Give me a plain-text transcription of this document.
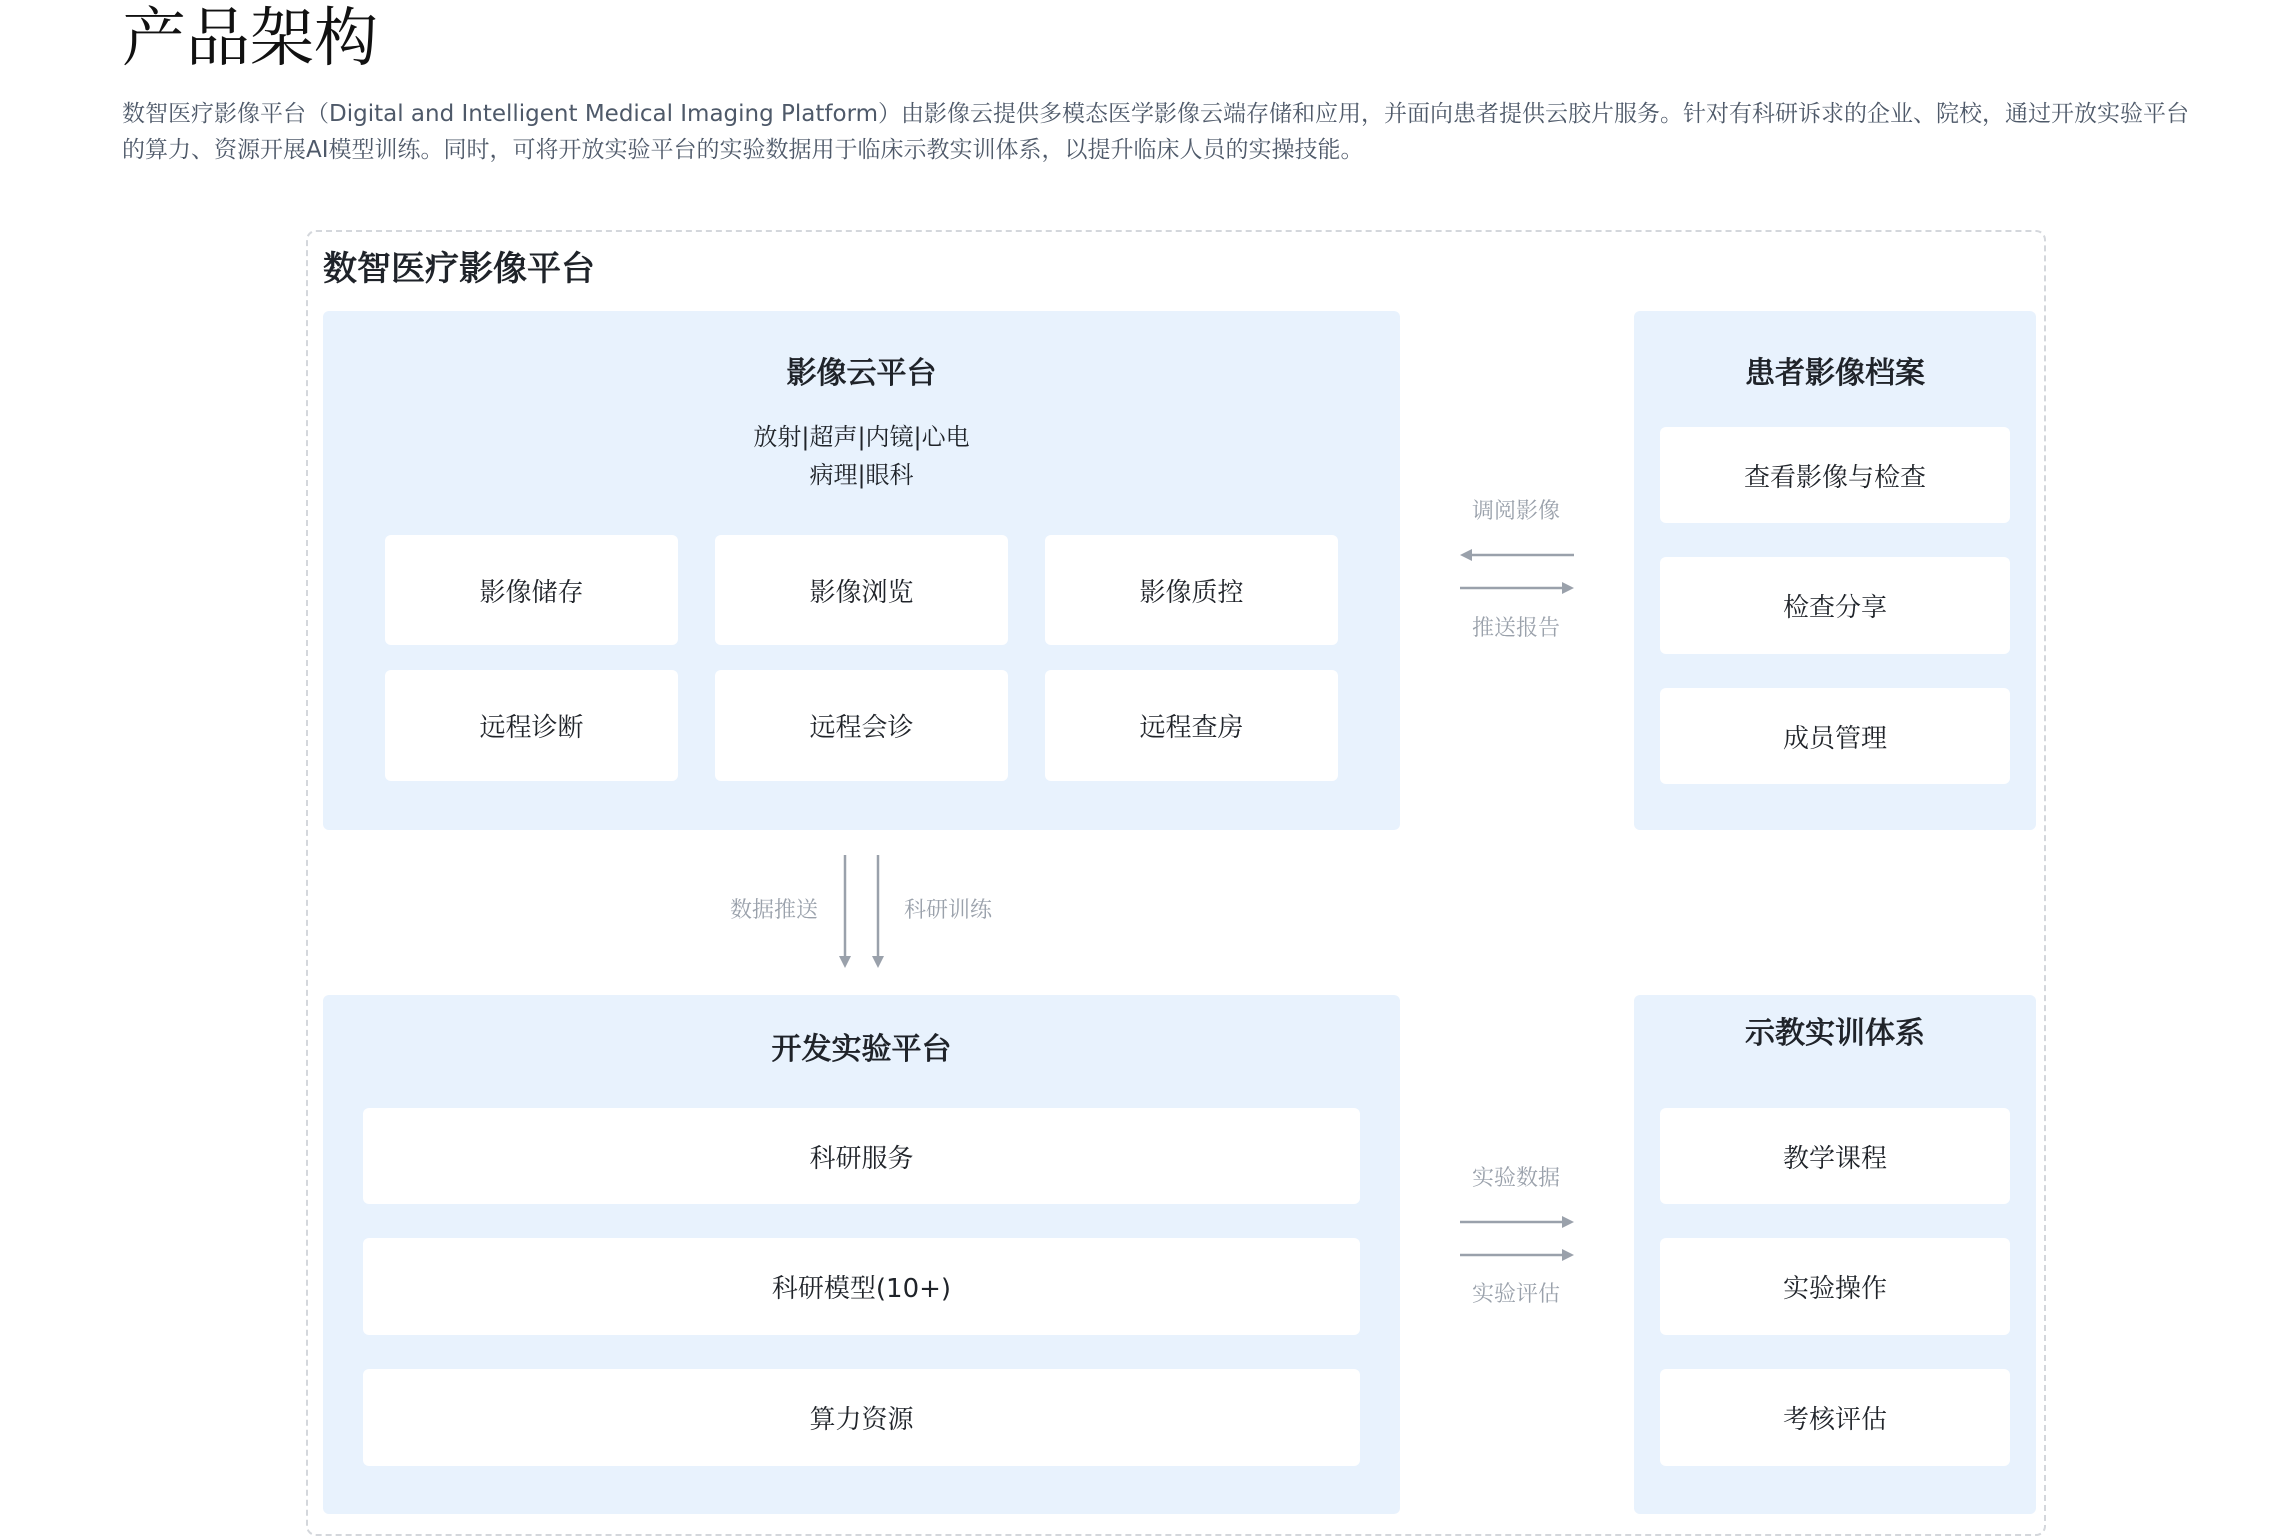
产品架构

数智医疗影像平台（Digital and Intelligent Medical Imaging Platform）由影像云提供多模态医学影像云端存储和应用，并面向患者提供云胶片服务。针对有科研诉求的企业、院校，通过开放实验平台的算力、资源开展AI模型训练。同时，可将开放实验平台的实验数据用于临床示教实训体系，以提升临床人员的实操技能。

数智医疗影像平台
影像云平台
放射|超声|内镜|心电
病理|眼科
影像储存	影像浏览	影像质控
远程诊断	远程会诊	远程查房
患者影像档案
查看影像与检查
检查分享
成员管理
开发实验平台
科研服务
科研模型(10+)
算力资源
示教实训体系
教学课程
实验操作
考核评估
调阅影像
推送报告
数据推送	科研训练
实验数据
实验评估
